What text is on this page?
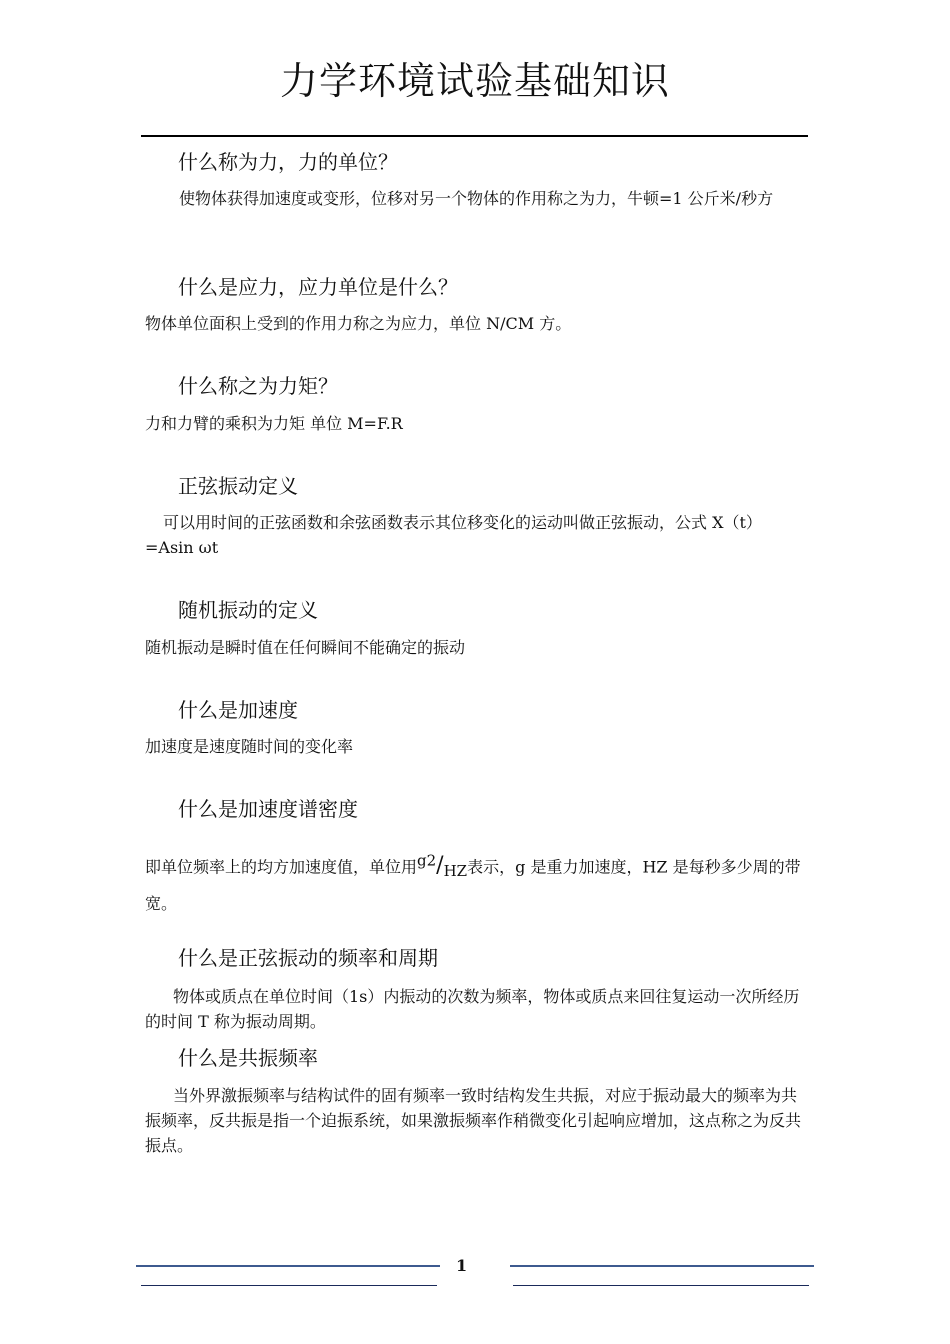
力学环境试验基础知识
什么称为力，力的单位？
使物体获得加速度或变形，位移对另一个物体的作用称之为力，牛顿=1 公斤米/秒方
什么是应力，应力单位是什么？
物体单位面积上受到的作用力称之为应力，单位 N/CM 方。
什么称之为力矩？
力和力臂的乘积为力矩 单位 M=F.R
正弦振动定义
可以用时间的正弦函数和余弦函数表示其位移变化的运动叫做正弦振动，公式 X（t）=Asin ωt
随机振动的定义
随机振动是瞬时值在任何瞬间不能确定的振动
什么是加速度
加速度是速度随时间的变化率
什么是加速度谱密度
即单位频率上的均方加速度值，单位用$^{g2}/_{HZ}$表示，g 是重力加速度，HZ 是每秒多少周的带宽。
什么是正弦振动的频率和周期
物体或质点在单位时间（1s）内振动的次数为频率，物体或质点来回往复运动一次所经历的时间 T 称为振动周期。
什么是共振频率
当外界激振频率与结构试件的固有频率一致时结构发生共振，对应于振动最大的频率为共振频率，反共振是指一个迫振系统，如果激振频率作稍微变化引起响应增加，这点称之为反共振点。
1
